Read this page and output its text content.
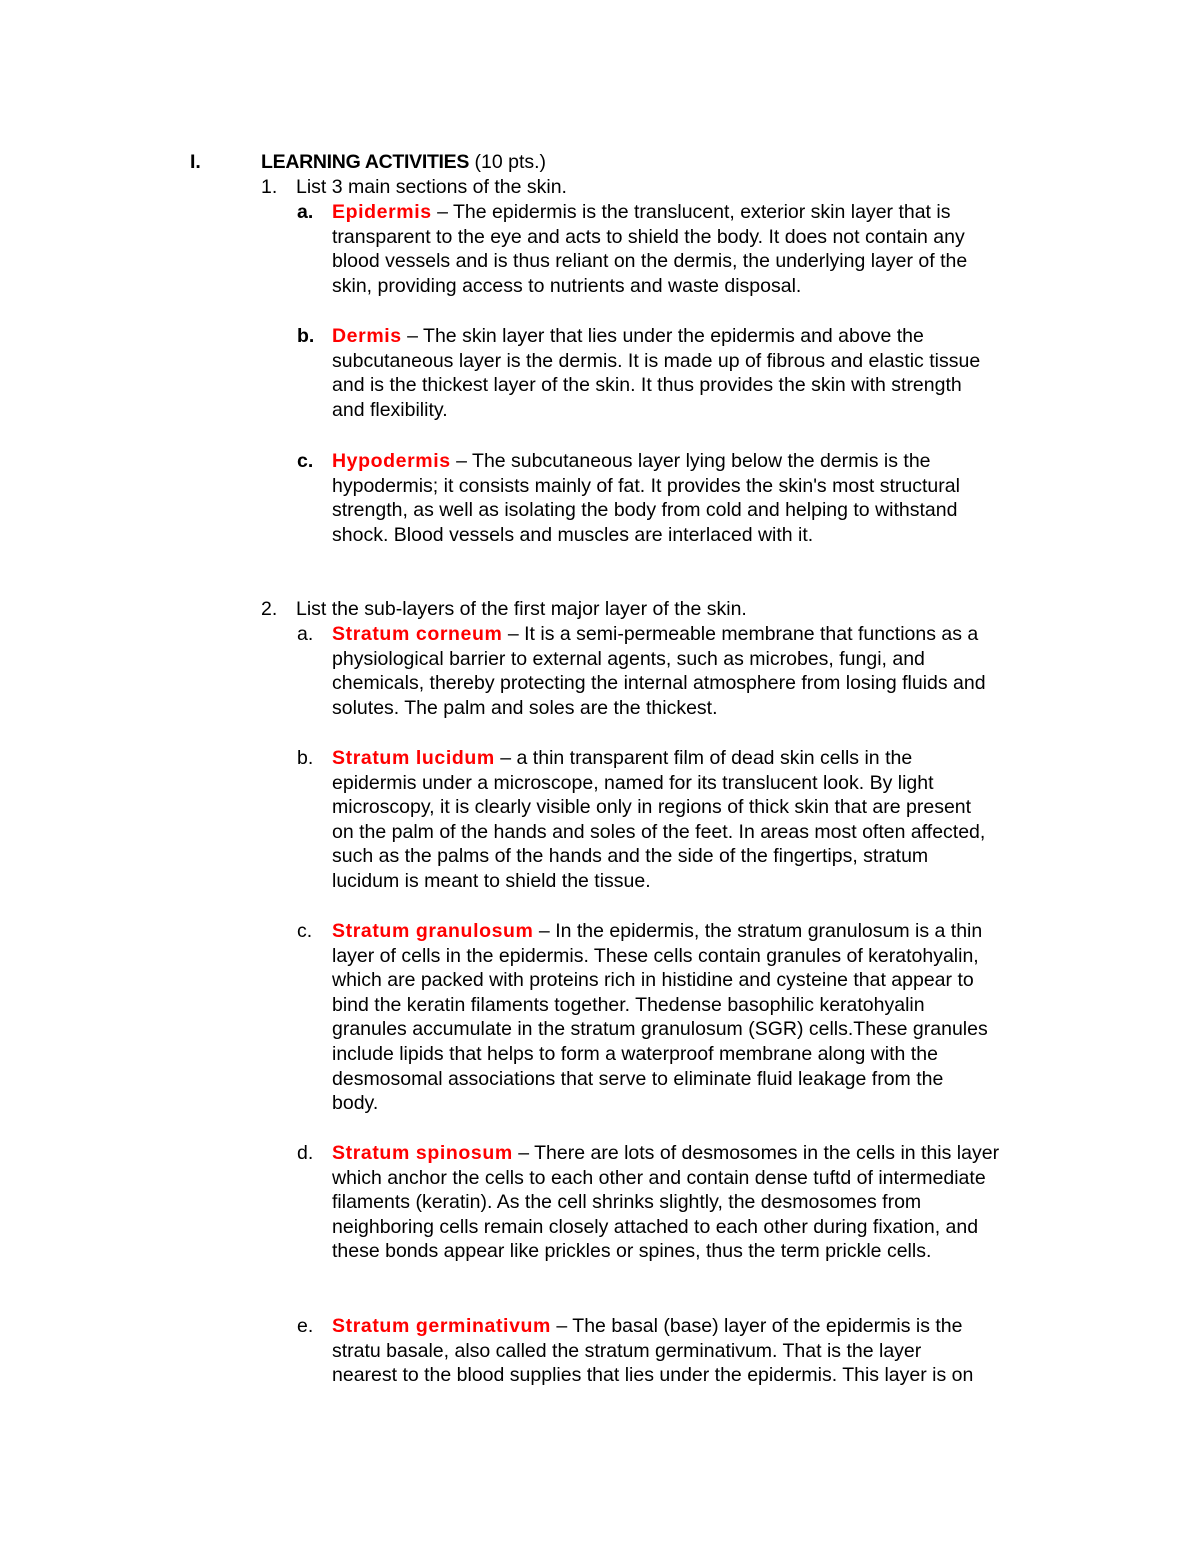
I.	LEARNING ACTIVITIES (10 pts.)
1. List 3 main sections of the skin.
a. Epidermis – The epidermis is the translucent, exterior skin layer that is
transparent to the eye and acts to shield the body. It does not contain any
blood vessels and is thus reliant on the dermis, the underlying layer of the
skin, providing access to nutrients and waste disposal.
b. Dermis – The skin layer that lies under the epidermis and above the
subcutaneous layer is the dermis. It is made up of fibrous and elastic tissue
and is the thickest layer of the skin. It thus provides the skin with strength
and flexibility.
c. Hypodermis – The subcutaneous layer lying below the dermis is the
hypodermis; it consists mainly of fat. It provides the skin's most structural
strength, as well as isolating the body from cold and helping to withstand
shock. Blood vessels and muscles are interlaced with it.
2. List the sub-layers of the first major layer of the skin.
a. Stratum corneum – It is a semi-permeable membrane that functions as a
physiological barrier to external agents, such as microbes, fungi, and
chemicals, thereby protecting the internal atmosphere from losing fluids and
solutes. The palm and soles are the thickest.
b. Stratum lucidum – a thin transparent film of dead skin cells in the
epidermis under a microscope, named for its translucent look. By light
microscopy, it is clearly visible only in regions of thick skin that are present
on the palm of the hands and soles of the feet. In areas most often affected,
such as the palms of the hands and the side of the fingertips, stratum
lucidum is meant to shield the tissue.
c. Stratum granulosum – In the epidermis, the stratum granulosum is a thin
layer of cells in the epidermis. These cells contain granules of keratohyalin,
which are packed with proteins rich in histidine and cysteine that appear to
bind the keratin filaments together. Thedense basophilic keratohyalin
granules accumulate in the stratum granulosum (SGR) cells.These granules
include lipids that helps to form a waterproof membrane along with the
desmosomal associations that serve to eliminate fluid leakage from the
body.
d. Stratum spinosum – There are lots of desmosomes in the cells in this layer
which anchor the cells to each other and contain dense tuftd of intermediate
filaments (keratin). As the cell shrinks slightly, the desmosomes from
neighboring cells remain closely attached to each other during fixation, and
these bonds appear like prickles or spines, thus the term prickle cells.
e. Stratum germinativum – The basal (base) layer of the epidermis is the
stratu basale, also called the stratum germinativum. That is the layer
nearest to the blood supplies that lies under the epidermis. This layer is on
